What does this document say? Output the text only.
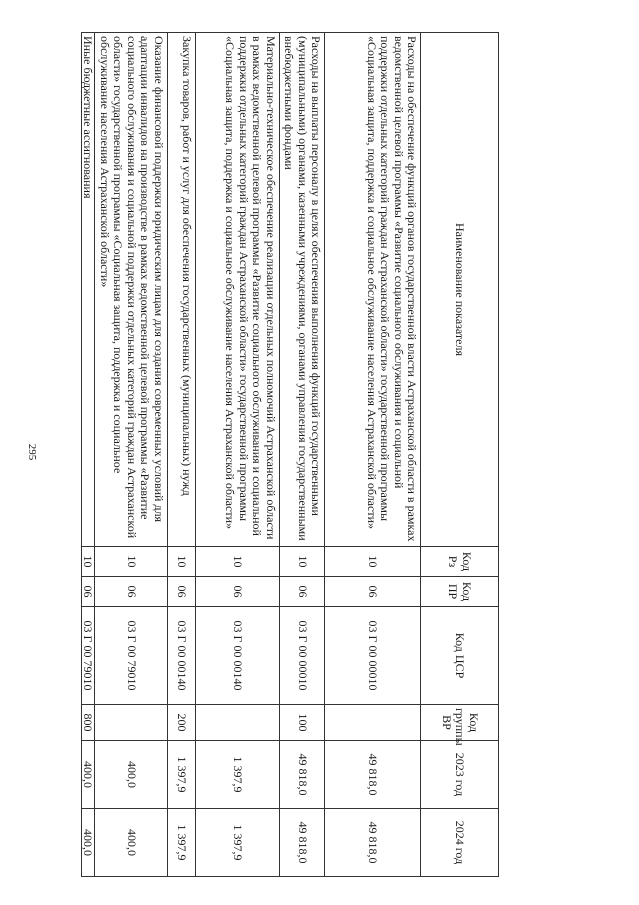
295
Наименование показателя	Код Рз	Код ПР	Код ЦСР	Код группы ВР	2023 год	2024 год
Расходы на обеспечение функций органов государственной власти Астраханской области в рамках ведомственной целевой программы «Развитие социального обслуживания и социальной поддержки отдельных категорий граждан Астраханской области» государственной программы «Социальная защита, поддержка и социальное обслуживание населения Астраханской области»	10	06	03 Г 00 00010		49 818,0	49 818,0
Расходы на выплаты персоналу в целях обеспечения выполнения функций государственными (муниципальными) органами, казенными учреждениями, органами управления государственными внебюджетными фондами	10	06	03 Г 00 00010	100	49 818,0	49 818,0
Материально-техническое обеспечение реализации отдельных полномочий Астраханской области в рамках ведомственной целевой программы «Развитие социального обслуживания и социальной поддержки отдельных категорий граждан Астраханской области» государственной программы «Социальная защита, поддержка и социальное обслуживание населения Астраханской области»	10	06	03 Г 00 00140		1 397,9	1 397,9
Закупка товаров, работ и услуг для обеспечения государственных (муниципальных) нужд	10	06	03 Г 00 00140	200	1 397,9	1 397,9
Оказание финансовой поддержки юридическим лицам для создания современных условий для адаптации инвалидов на производстве в рамках ведомственной целевой программы «Развитие социального обслуживания и социальной поддержки отдельных категорий граждан Астраханской области» государственной программы «Социальная защита, поддержка и социальное обслуживание населения Астраханской области»	10	06	03 Г 00 79010		400,0	400,0
Иные бюджетные ассигнования	10	06	03 Г 00 79010	800	400,0	400,0
